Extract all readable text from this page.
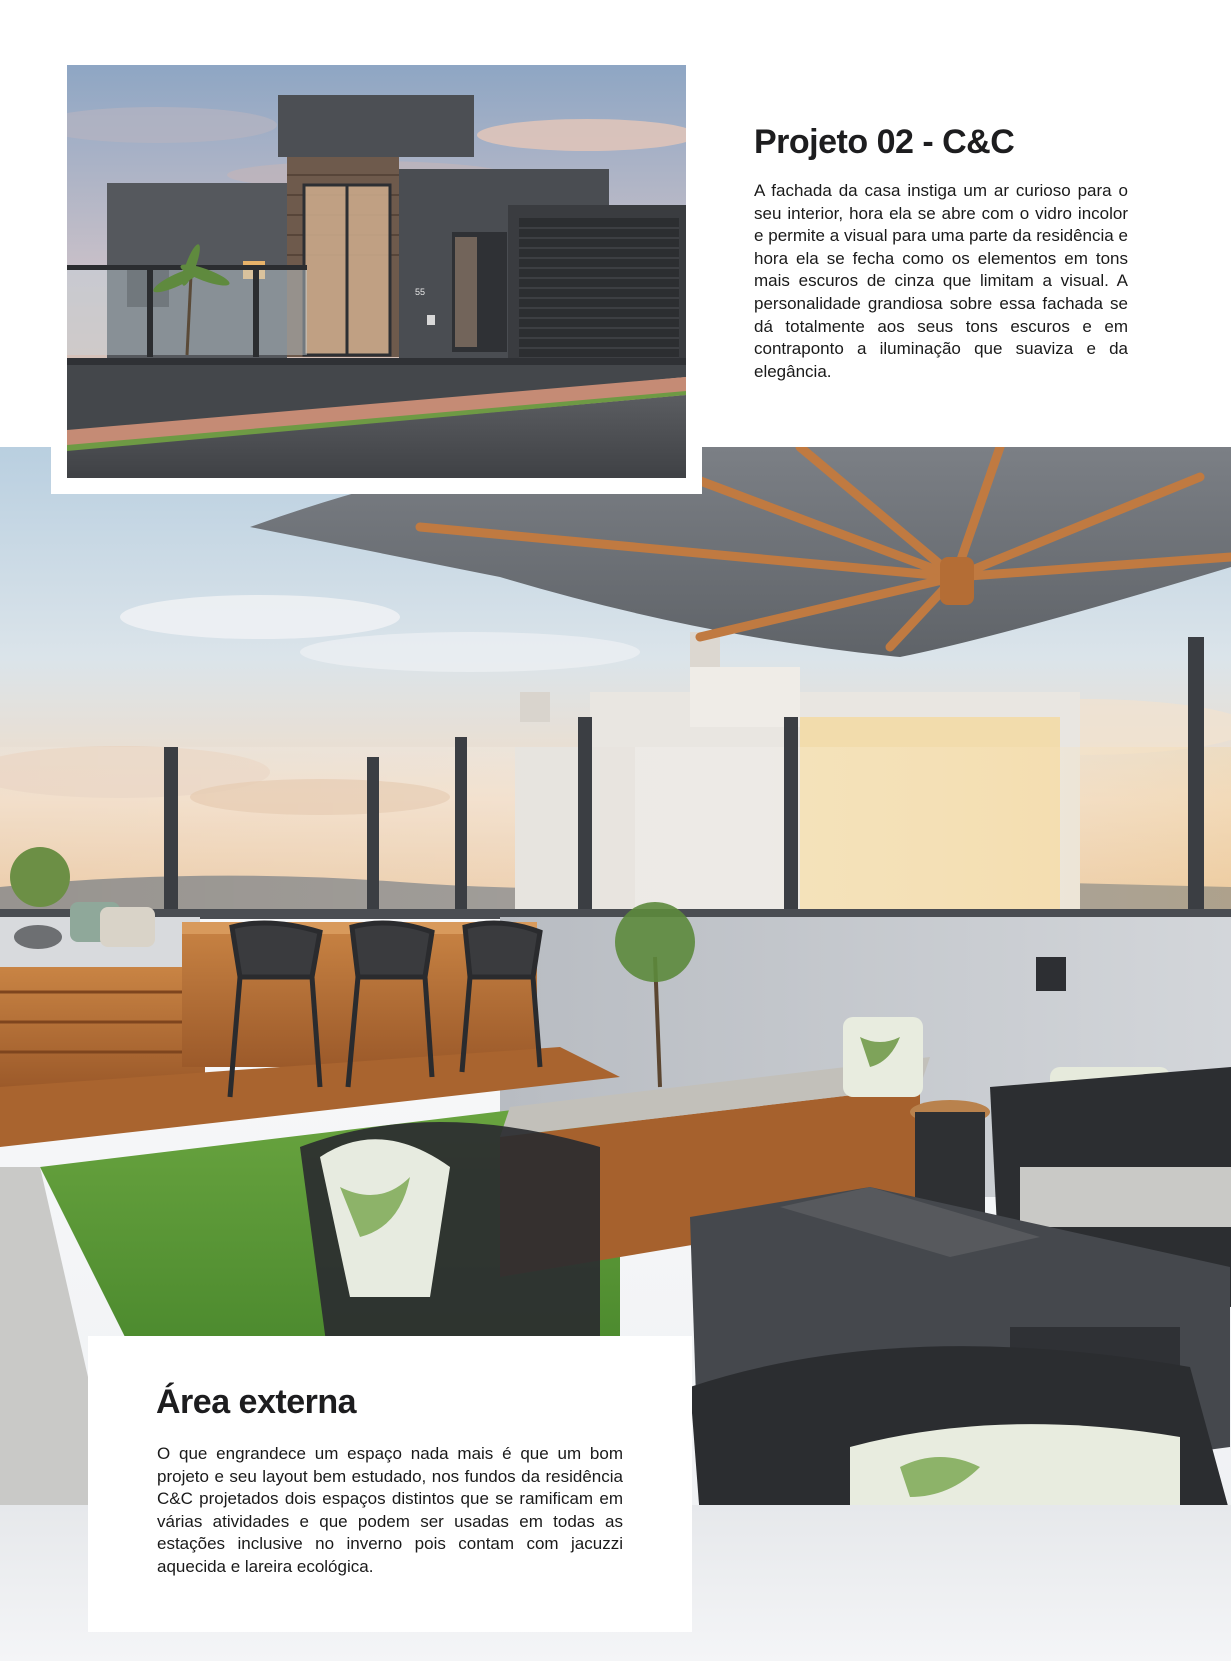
55
Projeto 02 - C&C

A fachada da casa instiga um ar curioso para o seu interior, hora ela se abre com o vidro incolor e permite a visual para uma parte da residência e hora ela se fecha como os elementos em tons mais escuros de cinza que limitam a visual. A personalidade grandiosa sobre essa fachada se dá totalmente aos seus tons escuros e em contraponto a iluminação que suaviza e da elegância.

Área externa

O que engrandece um espaço nada mais é que um bom projeto e seu layout bem estudado, nos fundos da residência C&C projetados dois espaços distintos que se ramificam em várias atividades e que podem ser usadas em todas as estações inclusive no inverno pois contam com jacuzzi aquecida e lareira ecológica.
